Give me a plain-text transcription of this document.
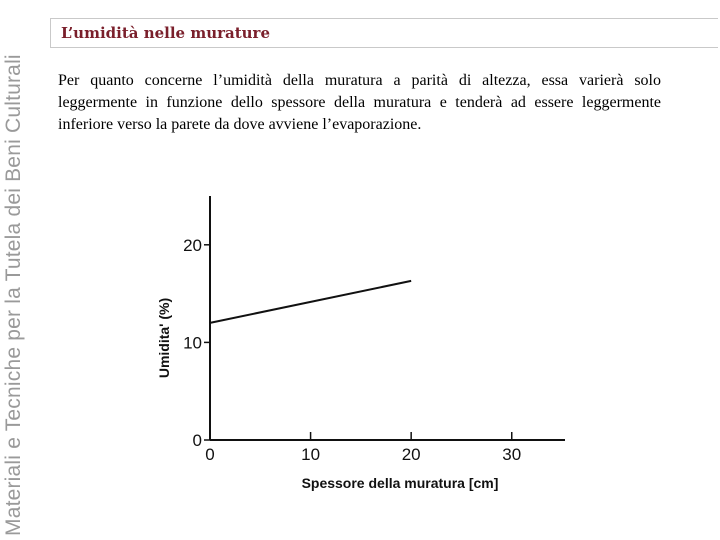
Materiali e Tecniche per la Tutela dei Beni Culturali
L’umidità nelle murature
Per quanto concerne l’umidità della muratura a parità di altezza, essa varierà solo leggermente in funzione dello spessore della muratura e tenderà ad essere leggermente inferiore verso la parete da dove avviene l’evaporazione.
0	10	20	30
0
10
20
Umidita' (%)
Spessore della muratura [cm]
